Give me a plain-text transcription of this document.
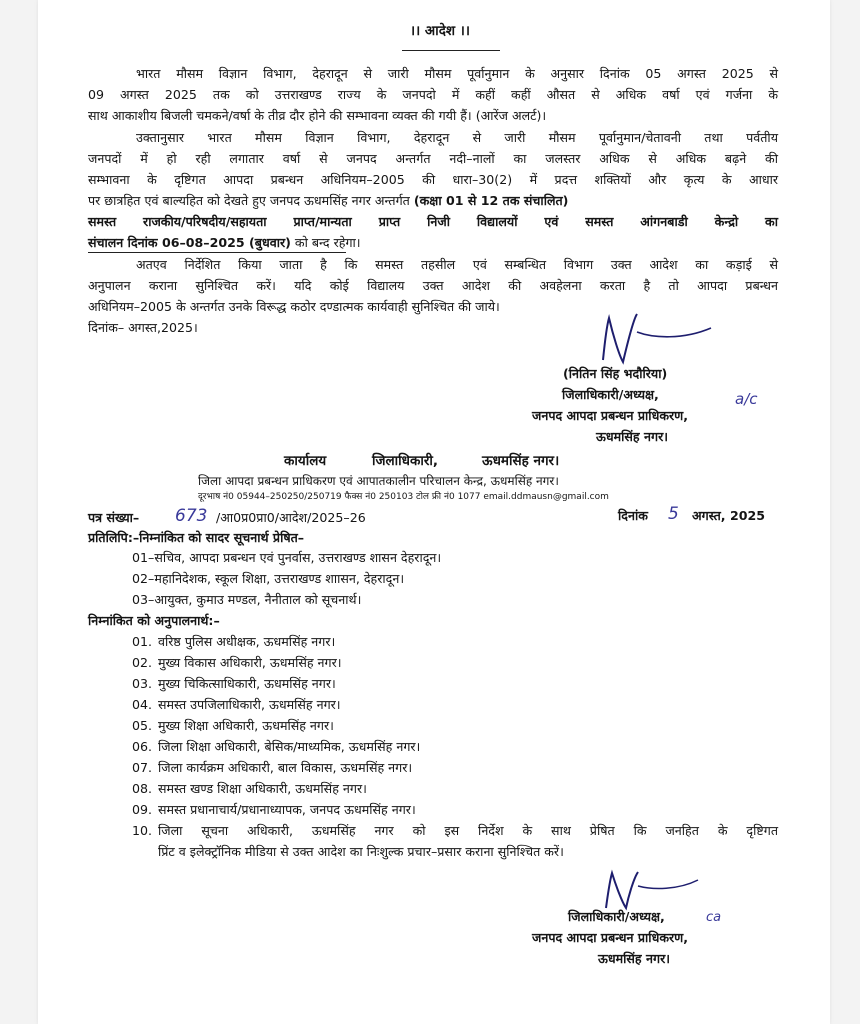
।। आदेश ।।
भारत मौसम विज्ञान विभाग, देहरादून से जारी मौसम पूर्वानुमान के अनुसार दिनांक 05 अगस्त 2025 से
09 अगस्त 2025 तक को उत्तराखण्ड राज्य के जनपदो में कहीं कहीं औसत से अधिक वर्षा एवं गर्जना के
साथ आकाशीय बिजली चमकने/वर्षा के तीव्र दौर होने की सम्भावना व्यक्त की गयी हैं। (आरेंज अलर्ट)।
उक्तानुसार भारत मौसम विज्ञान विभाग, देहरादून से जारी मौसम पूर्वानुमान/चेतावनी तथा पर्वतीय
जनपदों में हो रही लगातार वर्षा से जनपद अन्तर्गत नदी–नालों का जलस्तर अधिक से अधिक बढ़ने की
सम्भावना के दृष्टिगत आपदा प्रबन्धन अधिनियम–2005 की धारा–30(2) में प्रदत्त शक्तियों और कृत्य के आधार
पर छात्रहित एवं बाल्यहित को देखते हुए जनपद ऊधमसिंह नगर अन्तर्गत (कक्षा 01 से 12 तक संचालित)
समस्त राजकीय/परिषदीय/सहायता प्राप्त/मान्यता प्राप्त निजी विद्यालयों एवं समस्त आंगनबाडी केन्द्रो का
संचालन दिनांक 06–08–2025 (बुधवार) को बन्द रहेगा।
अतएव निर्देशित किया जाता है कि समस्त तहसील एवं सम्बन्धित विभाग उक्त आदेश का कड़ाई से
अनुपालन कराना सुनिश्चित करें। यदि कोई विद्यालय उक्त आदेश की अवहेलना करता है तो आपदा प्रबन्धन
अधिनियम–2005 के अन्तर्गत उनके विरूद्ध कठोर दण्डात्मक कार्यवाही सुनिश्चित की जाये।
दिनांक– अगस्त,2025।
(नितिन सिंह भदौरिया)
जिलाधिकारी/अध्यक्ष,	a/c
जनपद आपदा प्रबन्धन प्राधिकरण,
ऊधमसिंह नगर।
कार्यालय	जिलाधिकारी,	ऊधमसिंह नगर।
जिला आपदा प्रबन्धन प्राधिकरण एवं आपातकालीन परिचालन केन्द्र, ऊधमसिंह नगर।
दूरभाष नं0 05944–250250/250719 फैक्स नं0 250103 टोल फ्री नं0 1077 email.ddmausn@gmail.com
पत्र संख्या– 673 /आ0प्र0प्रा0/आदेश/2025–26	दिनांक 5 अगस्त, 2025
प्रतिलिपि:–निम्नांकित को सादर सूचनार्थ प्रेषित–
01–सचिव, आपदा प्रबन्धन एवं पुनर्वास, उत्तराखण्ड शासन देहरादून।
02–महानिदेशक, स्कूल शिक्षा, उत्तराखण्ड शाासन, देहरादून।
03–आयुक्त, कुमाउ मण्डल, नैनीताल को सूचनार्थ।
निम्नांकित को अनुपालनार्थ:–
01. वरिष्ठ पुलिस अधीक्षक, ऊधमसिंह नगर।
02. मुख्य विकास अधिकारी, ऊधमसिंह नगर।
03. मुख्य चिकित्साधिकारी, ऊधमसिंह नगर।
04. समस्त उपजिलाधिकारी, ऊधमसिंह नगर।
05. मुख्य शिक्षा अधिकारी, ऊधमसिंह नगर।
06. जिला शिक्षा अधिकारी, बेसिक/माध्यमिक, ऊधमसिंह नगर।
07. जिला कार्यक्रम अधिकारी, बाल विकास, ऊधमसिंह नगर।
08. समस्त खण्ड शिक्षा अधिकारी, ऊधमसिंह नगर।
09. समस्त प्रधानाचार्य/प्रधानाध्यापक, जनपद ऊधमसिंह नगर।
10. जिला सूचना अधिकारी, ऊधमसिंह नगर को इस निर्देश के साथ प्रेषित कि जनहित के दृष्टिगत
प्रिंट व इलेक्ट्रॉनिक मीडिया से उक्त आदेश का निःशुल्क प्रचार–प्रसार कराना सुनिश्चित करें।
जिलाधिकारी/अध्यक्ष,	ca
जनपद आपदा प्रबन्धन प्राधिकरण,
ऊधमसिंह नगर।
